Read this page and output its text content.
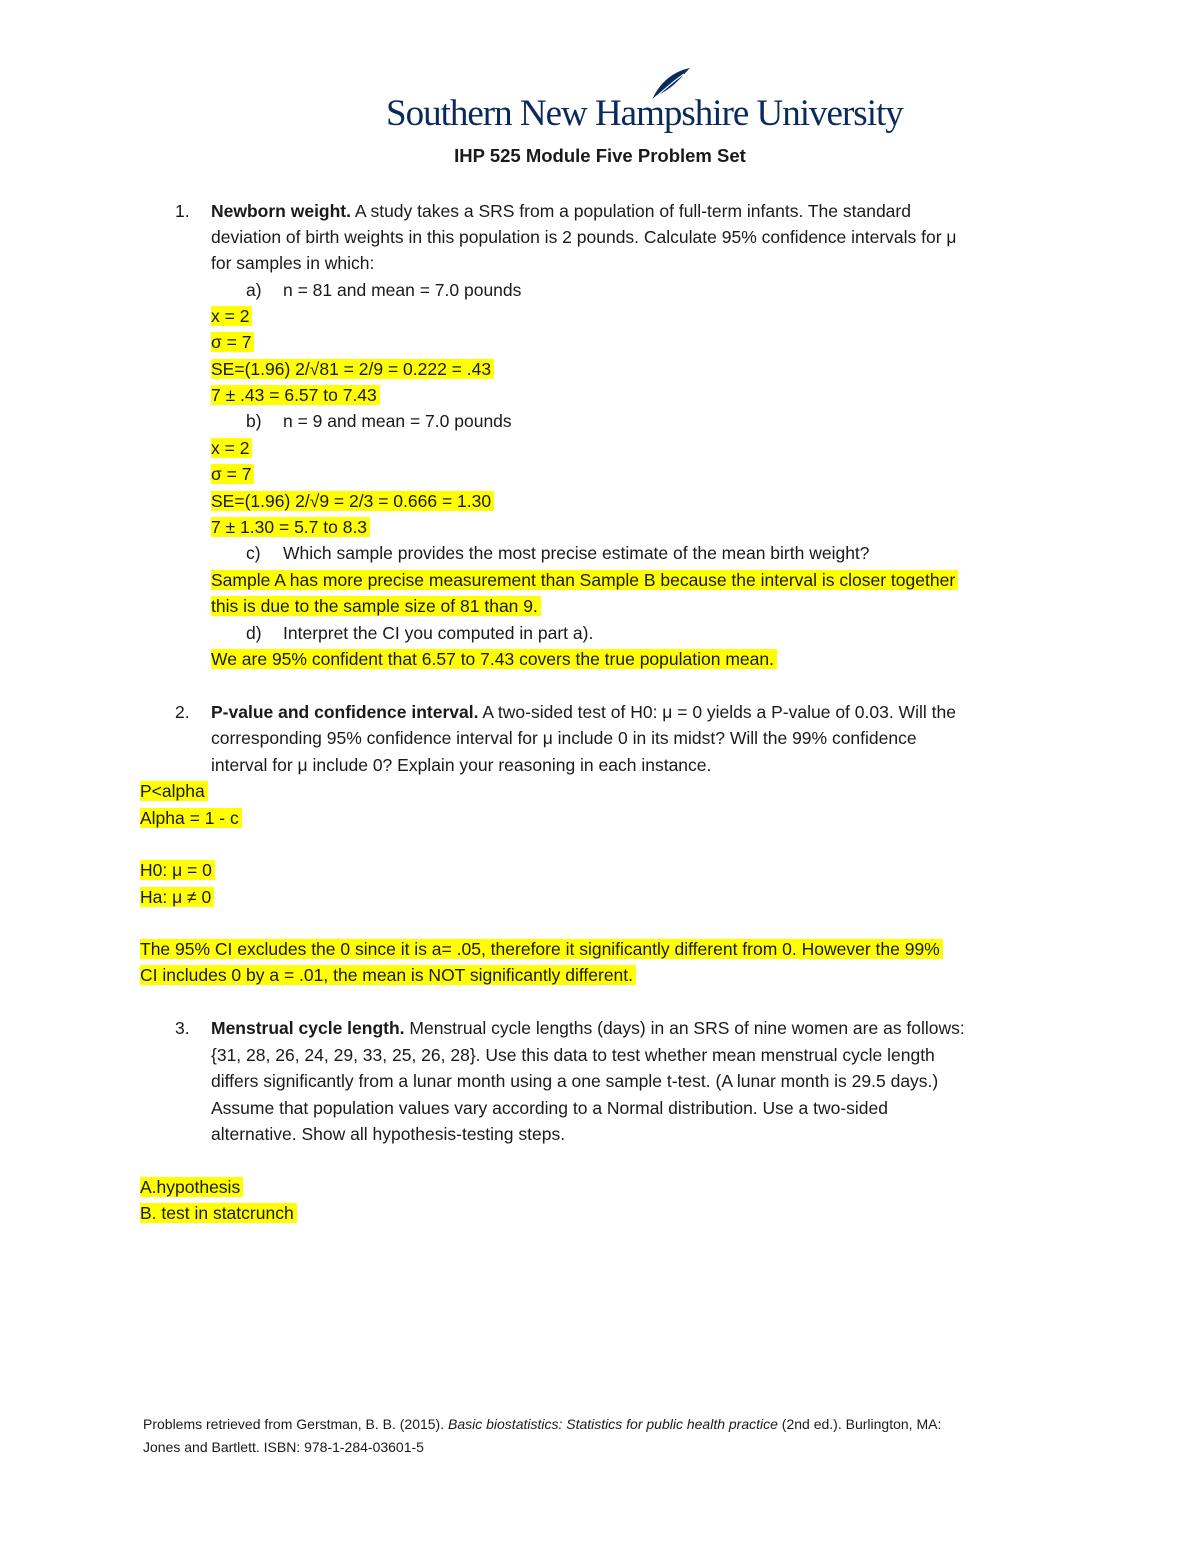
Southern New Hampshire University
IHP 525 Module Five Problem Set
1. Newborn weight. A study takes a SRS from a population of full-term infants. The standard
deviation of birth weights in this population is 2 pounds. Calculate 95% confidence intervals for μ
for samples in which:
a) n = 81 and mean = 7.0 pounds
x = 2
σ = 7
SE=(1.96) 2/√81 = 2/9 = 0.222 = .43
7 ± .43 = 6.57 to 7.43
b) n = 9 and mean = 7.0 pounds
x = 2
σ = 7
SE=(1.96) 2/√9 = 2/3 = 0.666 = 1.30
7 ± 1.30 = 5.7 to 8.3
c) Which sample provides the most precise estimate of the mean birth weight?
Sample A has more precise measurement than Sample B because the interval is closer together
this is due to the sample size of 81 than 9.
d) Interpret the CI you computed in part a).
We are 95% confident that 6.57 to 7.43 covers the true population mean.
2. P-value and confidence interval. A two-sided test of H0: μ = 0 yields a P-value of 0.03. Will the
corresponding 95% confidence interval for μ include 0 in its midst? Will the 99% confidence
interval for μ include 0? Explain your reasoning in each instance.
P<alpha
Alpha = 1 - c
H0: μ = 0
Ha: μ ≠ 0
The 95% CI excludes the 0 since it is a= .05, therefore it significantly different from 0. However the 99%
CI includes 0 by a = .01, the mean is NOT significantly different.
3. Menstrual cycle length. Menstrual cycle lengths (days) in an SRS of nine women are as follows:
{31, 28, 26, 24, 29, 33, 25, 26, 28}. Use this data to test whether mean menstrual cycle length
differs significantly from a lunar month using a one sample t-test. (A lunar month is 29.5 days.)
Assume that population values vary according to a Normal distribution. Use a two-sided
alternative. Show all hypothesis-testing steps.
A.hypothesis
B. test in statcrunch
Problems retrieved from Gerstman, B. B. (2015). Basic biostatistics: Statistics for public health practice (2nd ed.). Burlington, MA:
Jones and Bartlett. ISBN: 978-1-284-03601-5
